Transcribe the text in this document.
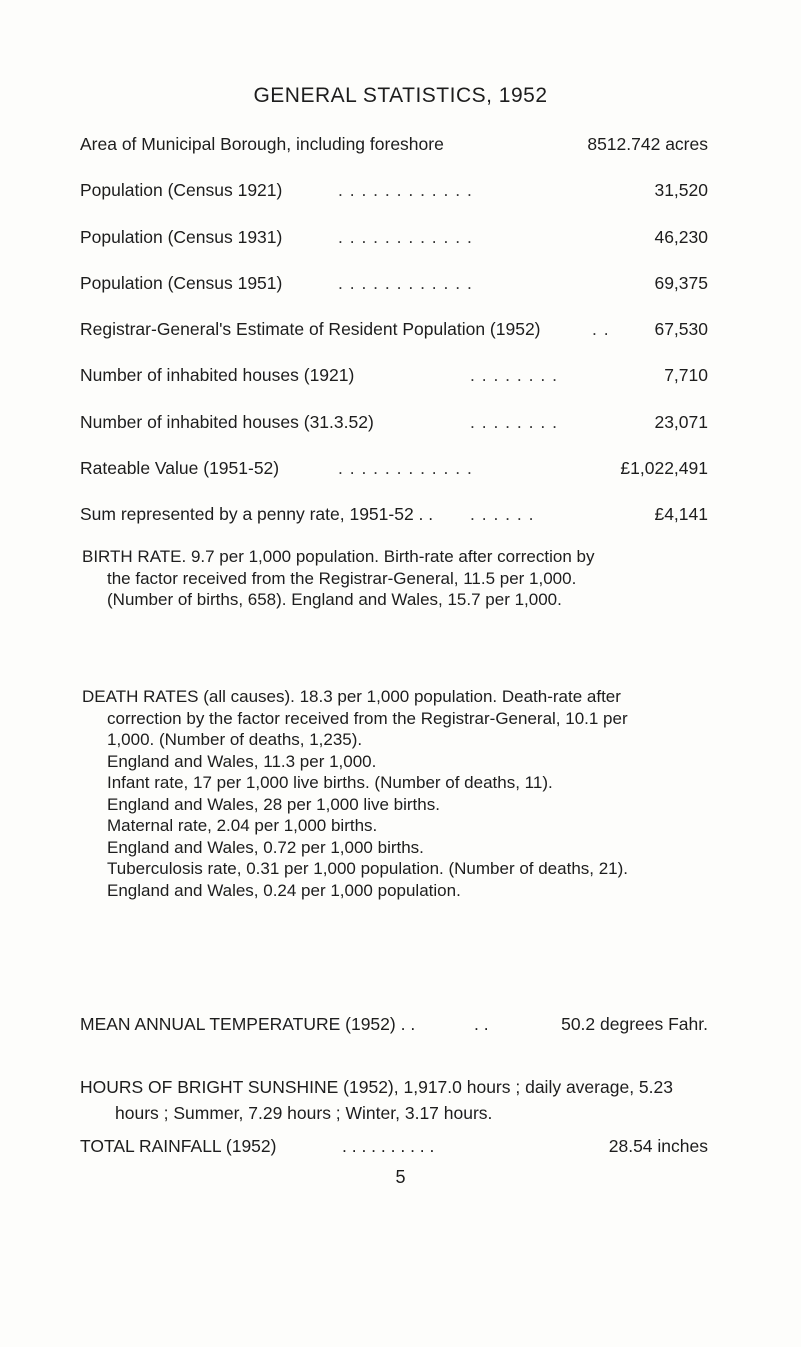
GENERAL STATISTICS, 1952
Area of Municipal Borough, including foreshore	8512.742 acres
Population (Census 1921)	. . . . . . . . . . . .	31,520
Population (Census 1931)	. . . . . . . . . . . .	46,230
Population (Census 1951)	. . . . . . . . . . . .	69,375
Registrar-General's Estimate of Resident Population (1952)	. .	67,530
Number of inhabited houses (1921)	. . . . . . . .	7,710
Number of inhabited houses (31.3.52)	. . . . . . . .	23,071
Rateable Value (1951-52)	. . . . . . . . . . . .	£1,022,491
Sum represented by a penny rate, 1951-52 . . . . . . . .	£4,141

BIRTH RATE. 9.7 per 1,000 population. Birth-rate after correction by the factor received from the Registrar-General, 11.5 per 1,000. (Number of births, 658). England and Wales, 15.7 per 1,000.

DEATH RATES (all causes). 18.3 per 1,000 population. Death-rate after correction by the factor received from the Registrar-General, 10.1 per 1,000. (Number of deaths, 1,235).

England and Wales, 11.3 per 1,000.

Infant rate, 17 per 1,000 live births. (Number of deaths, 11).

England and Wales, 28 per 1,000 live births.

Maternal rate, 2.04 per 1,000 births.

England and Wales, 0.72 per 1,000 births.

Tuberculosis rate, 0.31 per 1,000 population. (Number of deaths, 21).

England and Wales, 0.24 per 1,000 population.

MEAN ANNUAL TEMPERATURE (1952) . .	. .	50.2 degrees Fahr.

HOURS OF BRIGHT SUNSHINE (1952), 1,917.0 hours ; daily average, 5.23 hours ; Summer, 7.29 hours ; Winter, 3.17 hours.

TOTAL RAINFALL (1952)	. . . . . . . . . .	28.54 inches
5
